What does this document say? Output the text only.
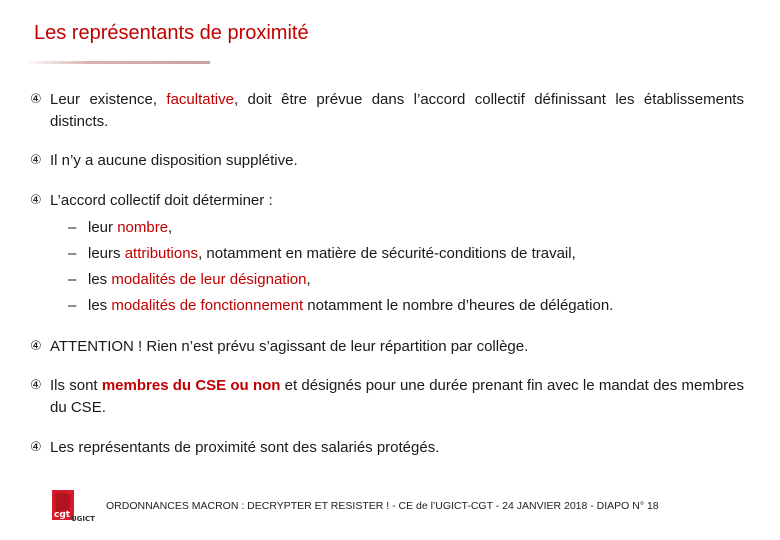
Les représentants de proximité
④ Leur existence, facultative, doit être prévue dans l’accord collectif définissant les établissements distincts.
④ Il n’y a aucune disposition supplétive.
④ L’accord collectif doit déterminer :
– leur nombre,
– leurs attributions, notamment en matière de sécurité-conditions de travail,
– les modalités de leur désignation,
– les modalités de fonctionnement notamment le nombre d’heures de délégation.
④ ATTENTION ! Rien n’est prévu s’agissant de leur répartition par collège.
④ Ils sont membres du CSE ou non et désignés pour une durée prenant fin avec le mandat des membres du CSE.
④ Les représentants de proximité sont des salariés protégés.
cgt UGICT
ORDONNANCES MACRON : DECRYPTER ET RESISTER ! - CE de l’UGICT-CGT - 24 JANVIER 2018 - DIAPO N° 18
